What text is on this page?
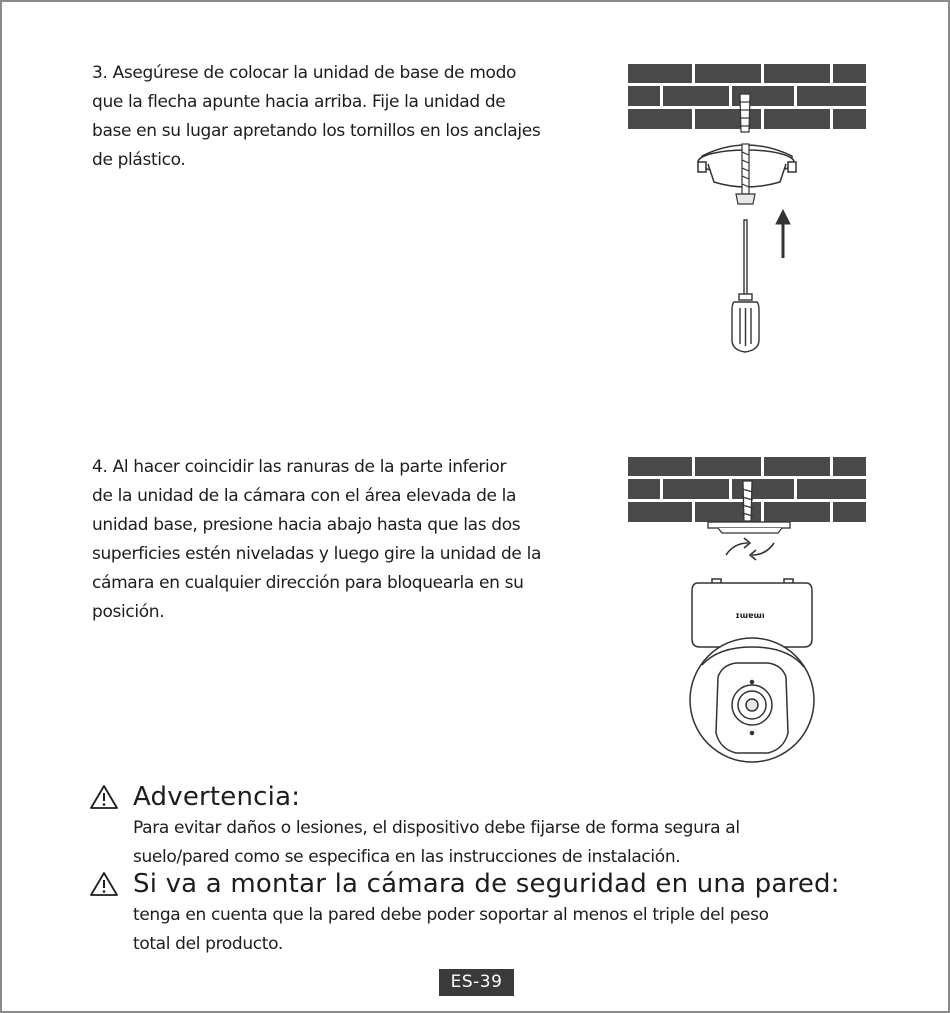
3. Asegúrese de colocar la unidad de base de modo
que la flecha apunte hacia arriba. Fije la unidad de
base en su lugar apretando los tornillos en los anclajes
de plástico.
4. Al hacer coincidir las ranuras de la parte inferior
de la unidad de la cámara con el área elevada de la
unidad base, presione hacia abajo hasta que las dos
superficies estén niveladas y luego gire la unidad de la
cámara en cualquier dirección para bloquearla en su
posición.	ɪɯɐɯı
Advertencia:
Para evitar daños o lesiones, el dispositivo debe fijarse de forma segura al
suelo/pared como se especifica en las instrucciones de instalación.
Si va a montar la cámara de seguridad en una pared:
tenga en cuenta que la pared debe poder soportar al menos el triple del peso
total del producto.
ES-39
